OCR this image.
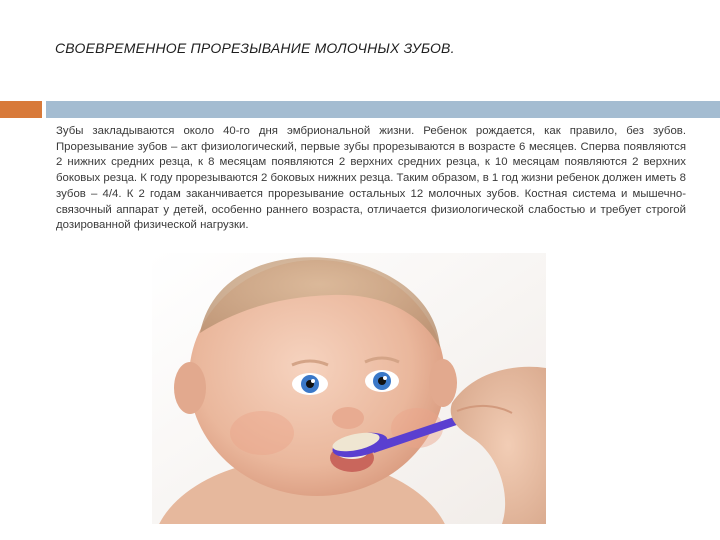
СВОЕВРЕМЕННОЕ ПРОРЕЗЫВАНИЕ МОЛОЧНЫХ ЗУБОВ.
Зубы закладываются около 40-го дня эмбриональной жизни. Ребенок рождается, как правило, без зубов. Прорезывание зубов – акт физиологический, первые зубы прорезываются в возрасте 6 месяцев. Сперва появляются 2 нижних средних резца, к 8 месяцам появляются 2 верхних средних резца, к 10 месяцам появляются 2 верхних боковых резца. К году прорезываются 2 боковых нижних резца. Таким образом, в 1 год жизни ребенок должен иметь 8 зубов – 4/4. К 2 годам заканчивается прорезывание остальных 12 молочных зубов. Костная система и мышечно- связочный аппарат у детей, особенно раннего возраста, отличается физиологической слабостью и требует строгой дозированной физической нагрузки.
